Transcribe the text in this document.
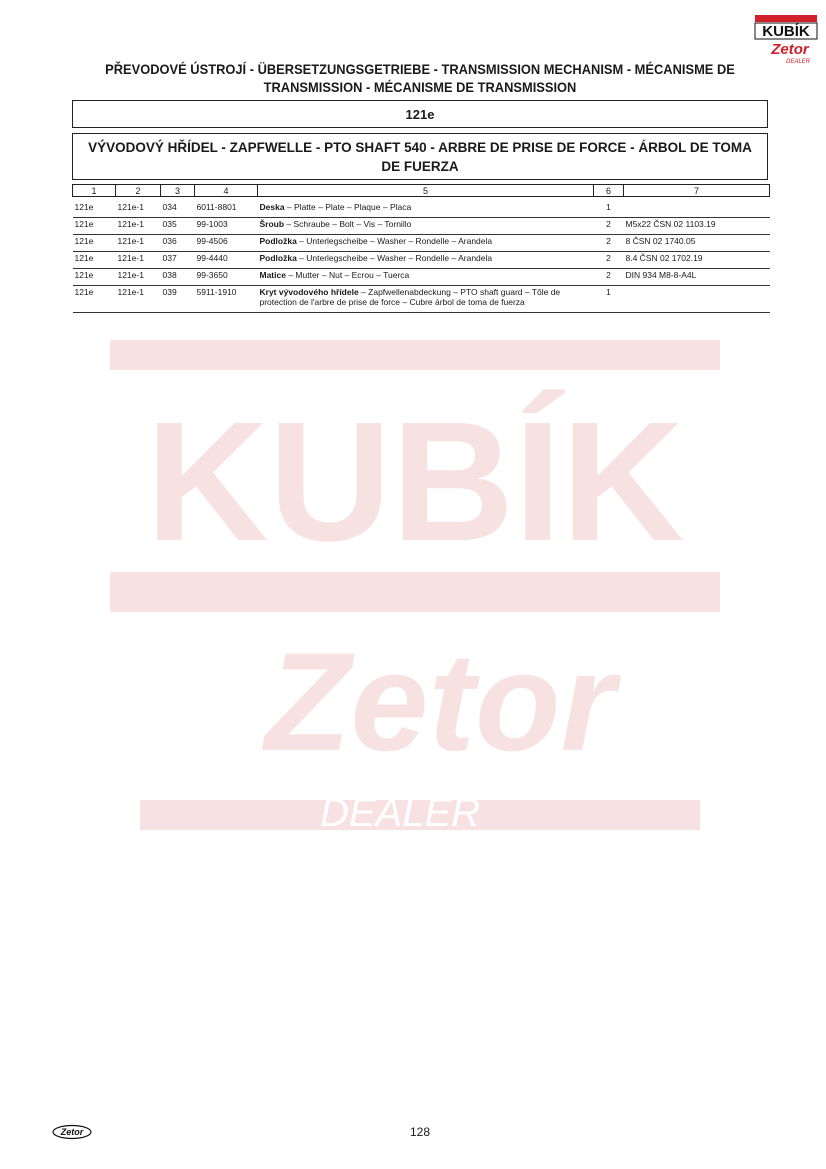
KUBÍK
Zetor
DEALER
KUBÍK
Zetor
DEALER
PŘEVODOVÉ ÚSTROJÍ - ÜBERSETZUNGSGETRIEBE - TRANSMISSION MECHANISM - MÉCANISME DE
TRANSMISSION - MÉCANISME DE TRANSMISSION
121e
VÝVODOVÝ HŘÍDEL - ZAPFWELLE - PTO SHAFT 540 - ARBRE DE PRISE DE FORCE - ÁRBOL DE TOMA
DE FUERZA
1	2	3	4	5	6	7

121e	121e-1	034	6011-8801	Deska – Platte – Plate – Plaque – Placa	1	
121e	121e-1	035	99-1003	Šroub – Schraube – Bolt – Vis – Tornillo	2	M5x22 ČSN 02 1103.19
121e	121e-1	036	99-4506	Podložka – Unterlegscheibe – Washer – Rondelle – Arandela	2	8 ČSN 02 1740.05
121e	121e-1	037	99-4440	Podložka – Unterlegscheibe – Washer – Rondelle – Arandela	2	8.4 ČSN 02 1702.19
121e	121e-1	038	99-3650	Matice – Mutter – Nut – Ecrou – Tuerca	2	DIN 934 M8-8-A4L
121e	121e-1	039	5911-1910	Kryt vývodového hřídele – Zapfwellenabdeckung – PTO shaft guard – Tôle de protection de l'arbre de prise de force – Cubre árbol de toma de fuerza	1	
Zetor	128
